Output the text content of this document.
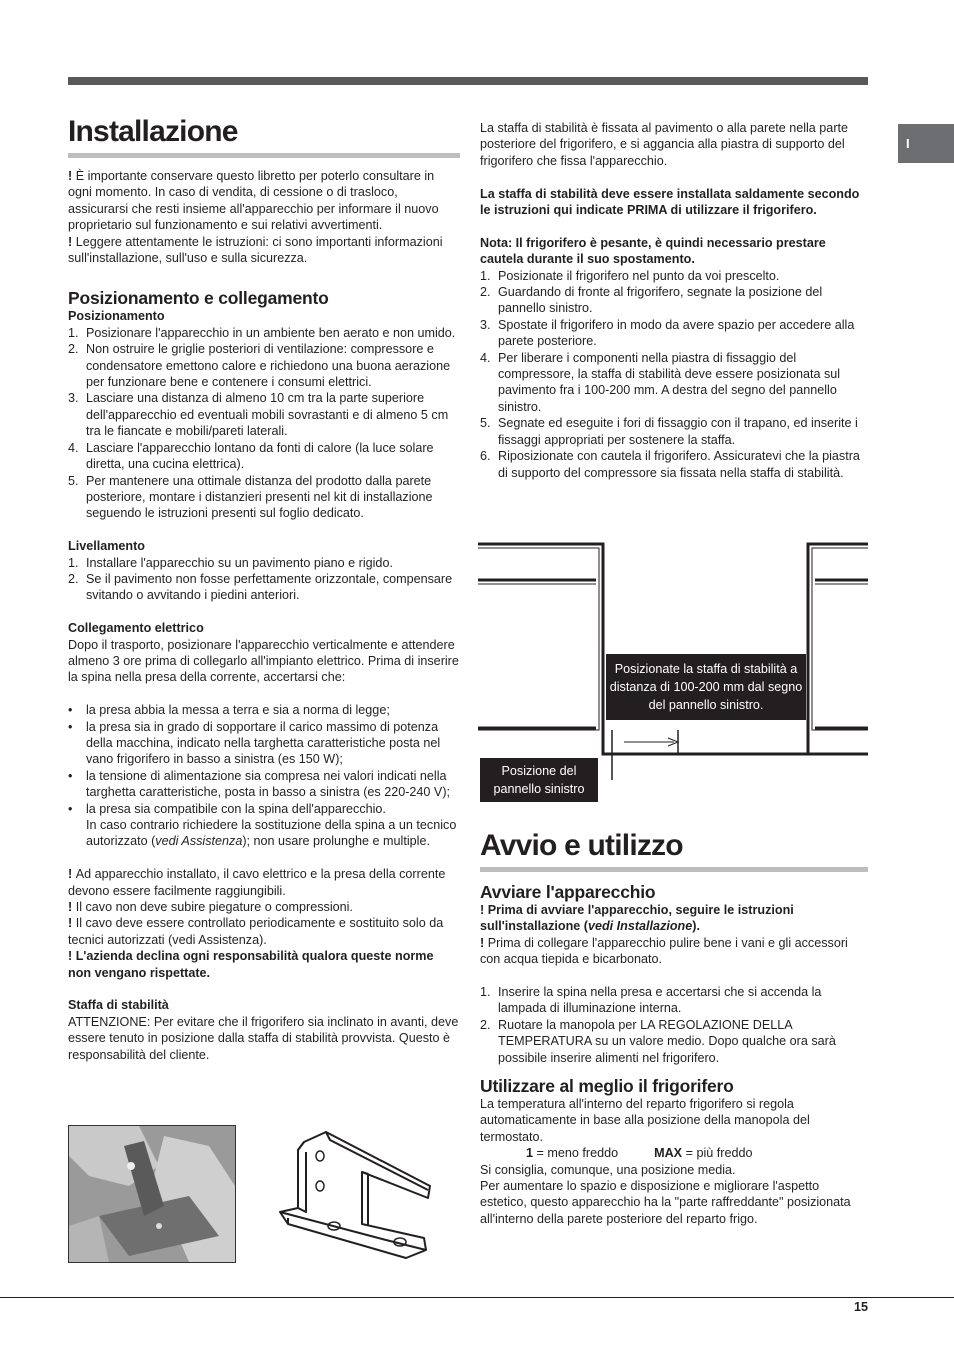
I
Installazione

! È importante conservare questo libretto per poterlo consultare in ogni momento. In caso di vendita, di cessione o di trasloco, assicurarsi che resti insieme all'apparecchio per informare il nuovo proprietario sul funzionamento e sui relativi avvertimenti.

! Leggere attentamente le istruzioni: ci sono importanti informazioni sull'installazione, sull'uso e sulla sicurezza.

Posizionamento e collegamento
Posizionamento
1. Posizionare l'apparecchio in un ambiente ben aerato e non umido.
2. Non ostruire le griglie posteriori di ventilazione: compressore e condensatore emettono calore e richiedono una buona aerazione per funzionare bene e contenere i consumi elettrici.
3. Lasciare una distanza di almeno 10 cm tra la parte superiore dell'apparecchio ed eventuali mobili sovrastanti e di almeno 5 cm tra le fiancate e mobili/pareti laterali.
4. Lasciare l'apparecchio lontano da fonti di calore (la luce solare diretta, una cucina elettrica).
5. Per mantenere una ottimale distanza del prodotto dalla parete posteriore, montare i distanzieri presenti nel kit di installazione seguendo le istruzioni presenti sul foglio dedicato.
Livellamento
1. Installare l'apparecchio su un pavimento piano e rigido.
2. Se il pavimento non fosse perfettamente orizzontale, compensare svitando o avvitando i piedini anteriori.
Collegamento elettrico

Dopo il trasporto, posizionare l'apparecchio verticalmente e attendere almeno 3 ore prima di collegarlo all'impianto elettrico. Prima di inserire la spina nella presa della corrente, accertarsi che:

• la presa abbia la messa a terra e sia a norma di legge;
• la presa sia in grado di sopportare il carico massimo di potenza della macchina, indicato nella targhetta caratteristiche posta nel vano frigorifero in basso a sinistra (es 150 W);
• la tensione di alimentazione sia compresa nei valori indicati nella targhetta caratteristiche, posta in basso a sinistra (es 220-240 V);
• la presa sia compatibile con la spina dell'apparecchio.
In caso contrario richiedere la sostituzione della spina a un tecnico autorizzato (vedi Assistenza); non usare prolunghe e multiple.

! Ad apparecchio installato, il cavo elettrico e la presa della corrente devono essere facilmente raggiungibili.

! Il cavo non deve subire piegature o compressioni.

! Il cavo deve essere controllato periodicamente e sostituito solo da tecnici autorizzati (vedi Assistenza).

! L'azienda declina ogni responsabilità qualora queste norme non vengano rispettate.

Staffa di stabilità

ATTENZIONE: Per evitare che il frigorifero sia inclinato in avanti, deve essere tenuto in posizione dalla staffa di stabilità provvista. Questo è responsabilità del cliente.

La staffa di stabilità è fissata al pavimento o alla parete nella parte posteriore del frigorifero, e si aggancia alla piastra di supporto del frigorifero che fissa l'apparecchio.

La staffa di stabilità deve essere installata saldamente secondo le istruzioni qui indicate PRIMA di utilizzare il frigorifero.

Nota: Il frigorifero è pesante, è quindi necessario prestare cautela durante il suo spostamento.

1. Posizionate il frigorifero nel punto da voi prescelto.
2. Guardando di fronte al frigorifero, segnate la posizione del pannello sinistro.
3. Spostate il frigorifero in modo da avere spazio per accedere alla parete posteriore.
4. Per liberare i componenti nella piastra di fissaggio del compressore, la staffa di stabilità deve essere posizionata sul pavimento fra i 100-200 mm. A destra del segno del pannello sinistro.
5. Segnate ed eseguite i fori di fissaggio con il trapano, ed inserite i fissaggi appropriati per sostenere la staffa.
6. Riposizionate con cautela il frigorifero. Assicuratevi che la piastra di supporto del compressore sia fissata nella staffa di stabilità.
Avvio e utilizzo
Avviare l'apparecchio

! Prima di avviare l'apparecchio, seguire le istruzioni sull'installazione (vedi Installazione).

! Prima di collegare l'apparecchio pulire bene i vani e gli accessori con acqua tiepida e bicarbonato.

1. Inserire la spina nella presa e accertarsi che si accenda la lampada di illuminazione interna.
2. Ruotare la manopola per LA REGOLAZIONE DELLA TEMPERATURA su un valore medio. Dopo qualche ora sarà possibile inserire alimenti nel frigorifero.
Utilizzare al meglio il frigorifero

La temperatura all'interno del reparto frigorifero si regola automaticamente in base alla posizione della manopola del termostato.

1 = meno freddo	MAX = più freddo

Si consiglia, comunque, una posizione media.

Per aumentare lo spazio e disposizione e migliorare l'aspetto estetico, questo apparecchio ha la "parte raffreddante" posizionata all'interno della parete posteriore del reparto frigo.

Posizionate la staffa di stabilità a distanza di 100-200 mm dal segno del pannello sinistro.
Posizione del pannello sinistro
15
